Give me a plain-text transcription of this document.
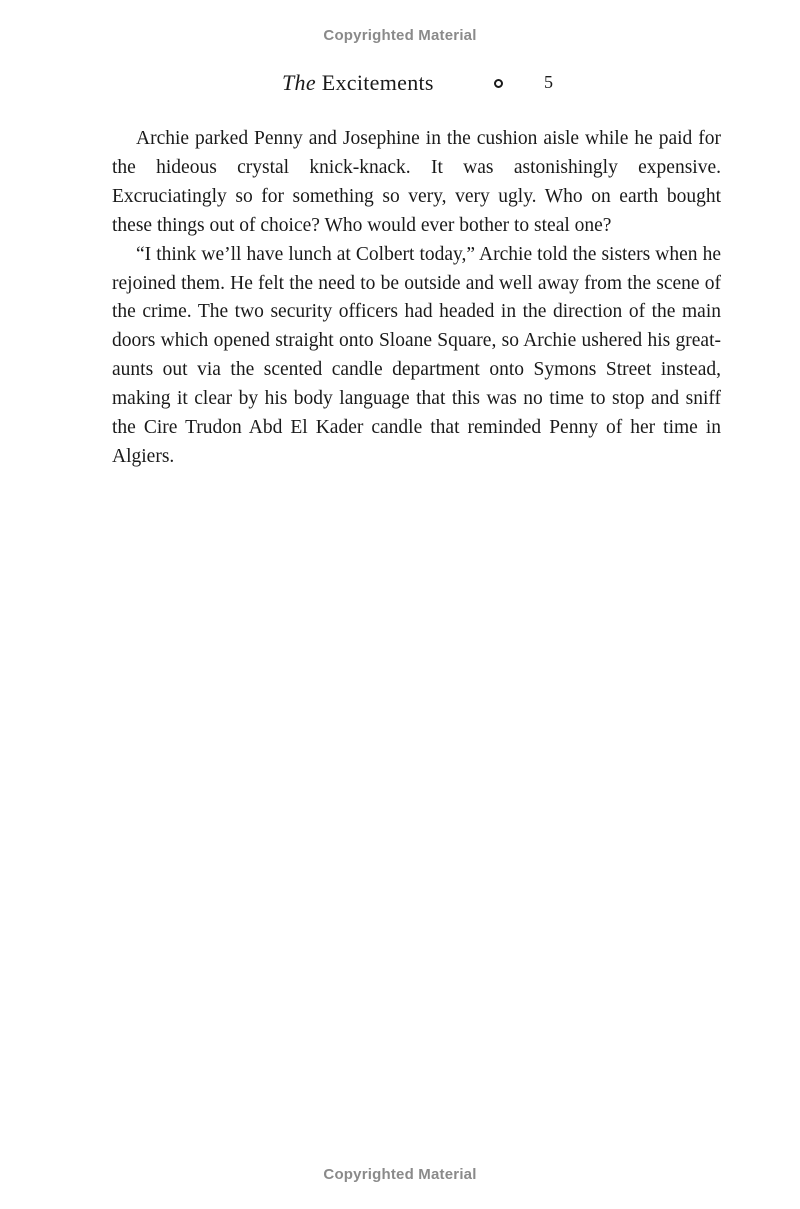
Copyrighted Material
The Excitements	5

Archie parked Penny and Josephine in the cushion aisle while he paid for the hideous crystal knick-knack. It was astonishingly expensive. Excruciatingly so for something so very, very ugly. Who on earth bought these things out of choice? Who would ever bother to steal one?

“I think we’ll have lunch at Colbert today,” Archie told the sisters when he rejoined them. He felt the need to be outside and well away from the scene of the crime. The two security officers had headed in the direction of the main doors which opened straight onto Sloane Square, so Archie ushered his great-aunts out via the scented candle department onto Symons Street instead, making it clear by his body language that this was no time to stop and sniff the Cire Trudon Abd El Kader candle that reminded Penny of her time in Algiers.

Copyrighted Material
